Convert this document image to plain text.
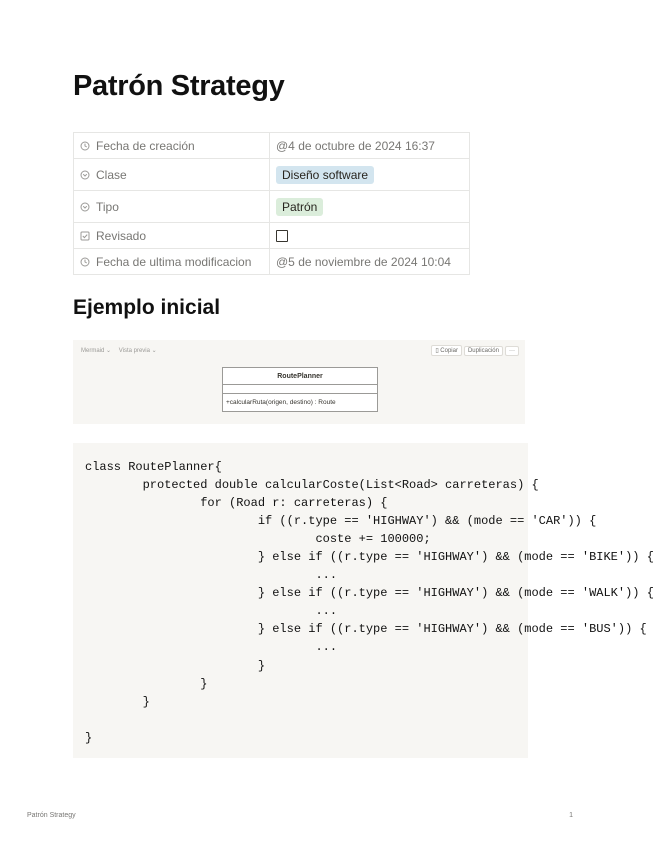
Patrón Strategy
Fecha de creación	@4 de octubre de 2024 16:37
Clase	Diseño software
Tipo	Patrón
Revisado	
Fecha de ultima modificacion	@5 de noviembre de 2024 10:04
Ejemplo inicial
Mermaid ⌄ Vista previa ⌄	▯ Copiar Duplicación ···
RoutePlanner
+calcularRuta(origen, destino) : Route
class RoutePlanner{
protected double calcularCoste(List<Road> carreteras) {
for (Road r: carreteras) {
if ((r.type == 'HIGHWAY') && (mode == 'CAR')) {
coste += 100000;
} else if ((r.type == 'HIGHWAY') && (mode == 'BIKE')) {
...
} else if ((r.type == 'HIGHWAY') && (mode == 'WALK')) {
...
} else if ((r.type == 'HIGHWAY') && (mode == 'BUS')) {
...
}
}
}

}
Patrón Strategy	1
